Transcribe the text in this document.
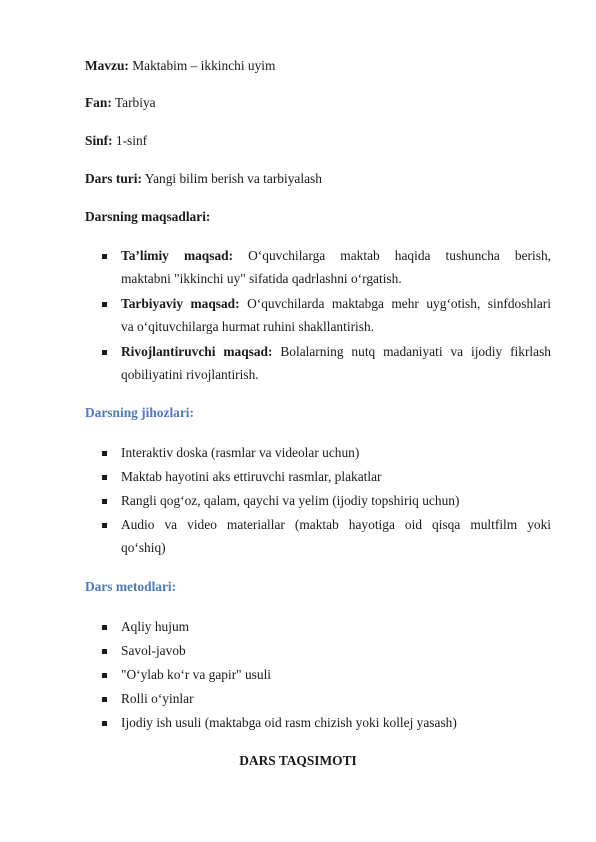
Mavzu: Maktabim – ikkinchi uyim
Fan: Tarbiya
Sinf: 1-sinf
Dars turi: Yangi bilim berish va tarbiyalash
Darsning maqsadlari:
Ta’limiy maqsad: O‘quvchilarga maktab haqida tushuncha berish,
maktabni "ikkinchi uy" sifatida qadrlashni o‘rgatish.
Tarbiyaviy maqsad: O‘quvchilarda maktabga mehr uyg‘otish, sinfdoshlari
va o‘qituvchilarga hurmat ruhini shakllantirish.
Rivojlantiruvchi maqsad: Bolalarning nutq madaniyati va ijodiy fikrlash
qobiliyatini rivojlantirish.
Darsning jihozlari:
Interaktiv doska (rasmlar va videolar uchun)
Maktab hayotini aks ettiruvchi rasmlar, plakatlar
Rangli qog‘oz, qalam, qaychi va yelim (ijodiy topshiriq uchun)
Audio va video materiallar (maktab hayotiga oid qisqa multfilm yoki
qo‘shiq)
Dars metodlari:
Aqliy hujum
Savol-javob
"O‘ylab ko‘r va gapir" usuli
Rolli o‘yinlar
Ijodiy ish usuli (maktabga oid rasm chizish yoki kollej yasash)
DARS TAQSIMOTI
